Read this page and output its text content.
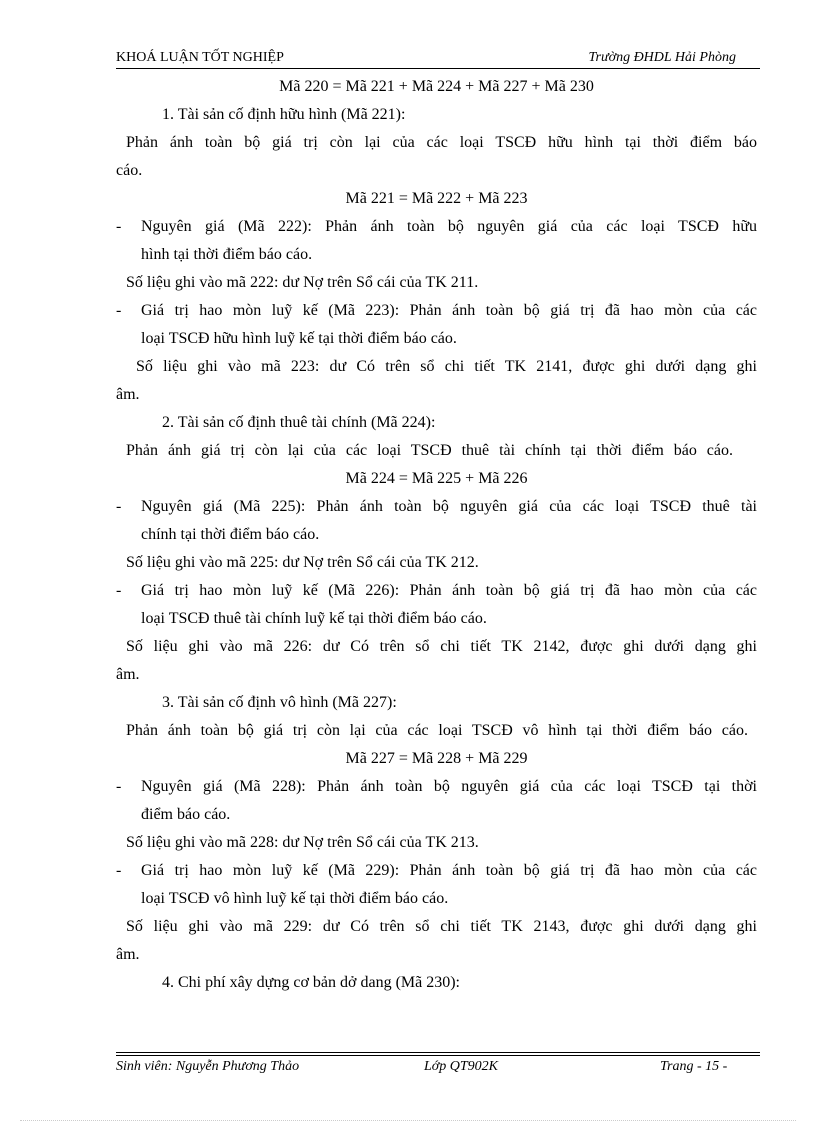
KHOÁ LUẬN TỐT NGHIỆP	Trường ĐHDL Hải Phòng
Mã 220 = Mã 221 + Mã 224 + Mã 227 + Mã 230
1. Tài sản cố định hữu hình (Mã 221):
Phản ánh toàn bộ giá trị còn lại của các loại TSCĐ hữu hình tại thời điểm báo
cáo.
Mã 221 = Mã 222 + Mã 223
- Nguyên giá (Mã 222): Phản ánh toàn bộ nguyên giá của các loại TSCĐ hữu
hình tại thời điểm báo cáo.
Số liệu ghi vào mã 222: dư Nợ trên Sổ cái của TK 211.
- Giá trị hao mòn luỹ kế (Mã 223): Phản ánh toàn bộ giá trị đã hao mòn của các
loại TSCĐ hữu hình luỹ kế tại thời điểm báo cáo.
Số liệu ghi vào mã 223: dư Có trên sổ chi tiết TK 2141, được ghi dưới dạng ghi
âm.
2. Tài sản cố định thuê tài chính (Mã 224):
Phản ánh giá trị còn lại của các loại TSCĐ thuê tài chính tại thời điểm báo cáo.
Mã 224 = Mã 225 + Mã 226
- Nguyên giá (Mã 225): Phản ánh toàn bộ nguyên giá của các loại TSCĐ thuê tài
chính tại thời điểm báo cáo.
Số liệu ghi vào mã 225: dư Nợ trên Sổ cái của TK 212.
- Giá trị hao mòn luỹ kế (Mã 226): Phản ánh toàn bộ giá trị đã hao mòn của các
loại TSCĐ thuê tài chính luỹ kế tại thời điểm báo cáo.
Số liệu ghi vào mã 226: dư Có trên sổ chi tiết TK 2142, được ghi dưới dạng ghi
âm.
3. Tài sản cố định vô hình (Mã 227):
Phản ánh toàn bộ giá trị còn lại của các loại TSCĐ vô hình tại thời điểm báo cáo.
Mã 227 = Mã 228 + Mã 229
- Nguyên giá (Mã 228): Phản ánh toàn bộ nguyên giá của các loại TSCĐ tại thời
điểm báo cáo.
Số liệu ghi vào mã 228: dư Nợ trên Sổ cái của TK 213.
- Giá trị hao mòn luỹ kế (Mã 229): Phản ánh toàn bộ giá trị đã hao mòn của các
loại TSCĐ vô hình luỹ kế tại thời điểm báo cáo.
Số liệu ghi vào mã 229: dư Có trên sổ chi tiết TK 2143, được ghi dưới dạng ghi
âm.
4. Chi phí xây dựng cơ bản dở dang (Mã 230):
Sinh viên: Nguyễn Phương Thảo	Lớp QT902K	Trang - 15 -
